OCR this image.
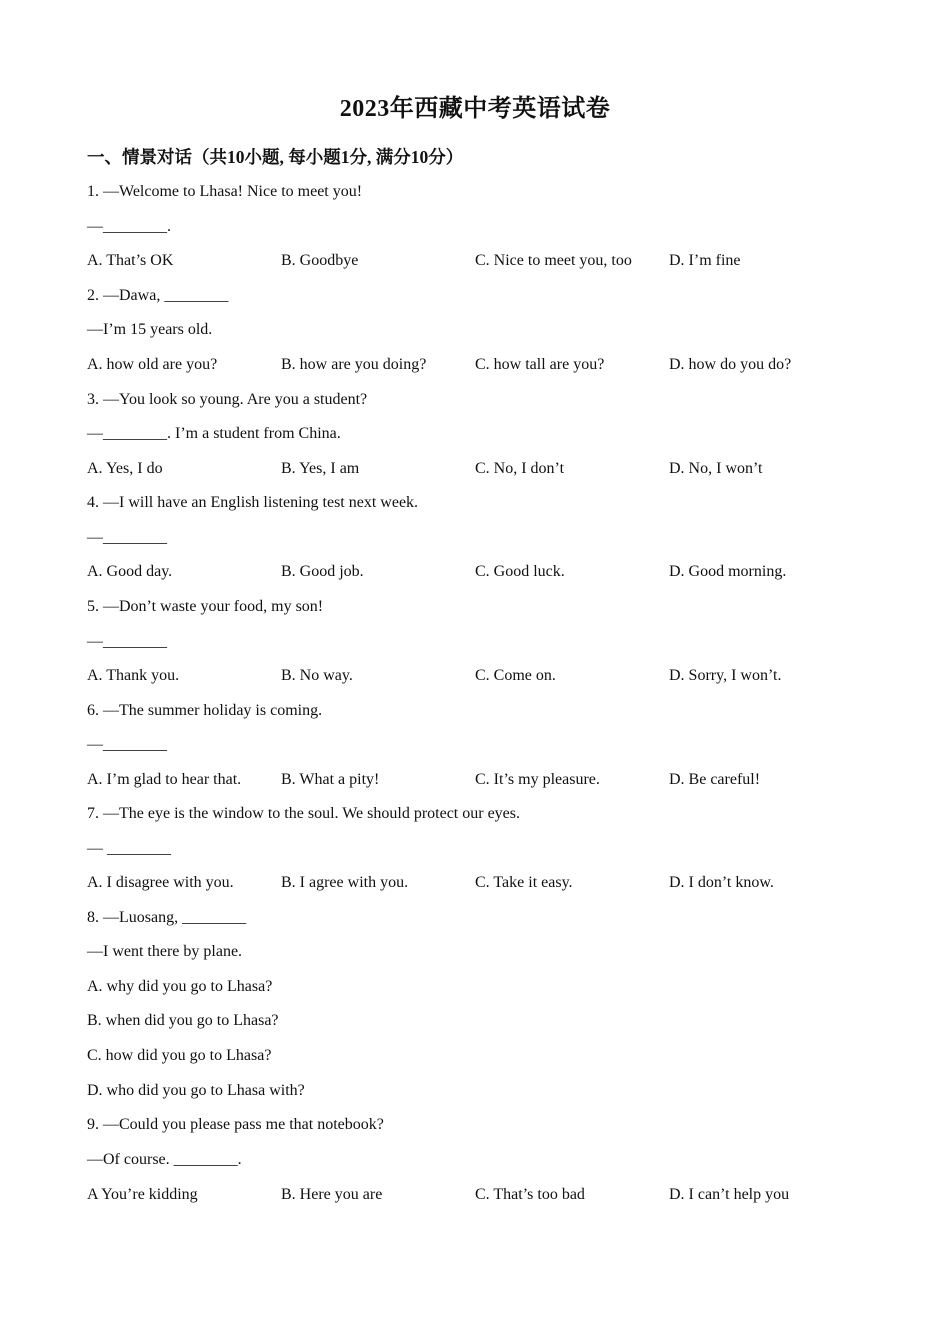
2023年西藏中考英语试卷
一、情景对话（共10小题, 每小题1分, 满分10分）
1. —Welcome to Lhasa! Nice to meet you!
—________.
A. That’s OK	B. Goodbye	C. Nice to meet you, too D. I’m fine
2. —Dawa, ________
—I’m 15 years old.
A. how old are you?	B. how are you doing?	C. how tall are you?	D. how do you do?
3. —You look so young. Are you a student?
—________. I’m a student from China.
A. Yes, I do	B. Yes, I am	C. No, I don’t	D. No, I won’t
4. —I will have an English listening test next week.
—________
A. Good day.	B. Good job.	C. Good luck.	D. Good morning.
5. —Don’t waste your food, my son!
—________
A. Thank you.	B. No way.	C. Come on.	D. Sorry, I won’t.
6. —The summer holiday is coming.
—________
A. I’m glad to hear that. B. What a pity!	C. It’s my pleasure.	D. Be careful!
7. —The eye is the window to the soul. We should protect our eyes.
— ________
A. I disagree with you.	B. I agree with you.	C. Take it easy.	D. I don’t know.
8. —Luosang, ________
—I went there by plane.
A. why did you go to Lhasa?
B. when did you go to Lhasa?
C. how did you go to Lhasa?
D. who did you go to Lhasa with?
9. —Could you please pass me that notebook?
—Of course. ________.
A You’re kidding	B. Here you are	C. That’s too bad	D. I can’t help you
